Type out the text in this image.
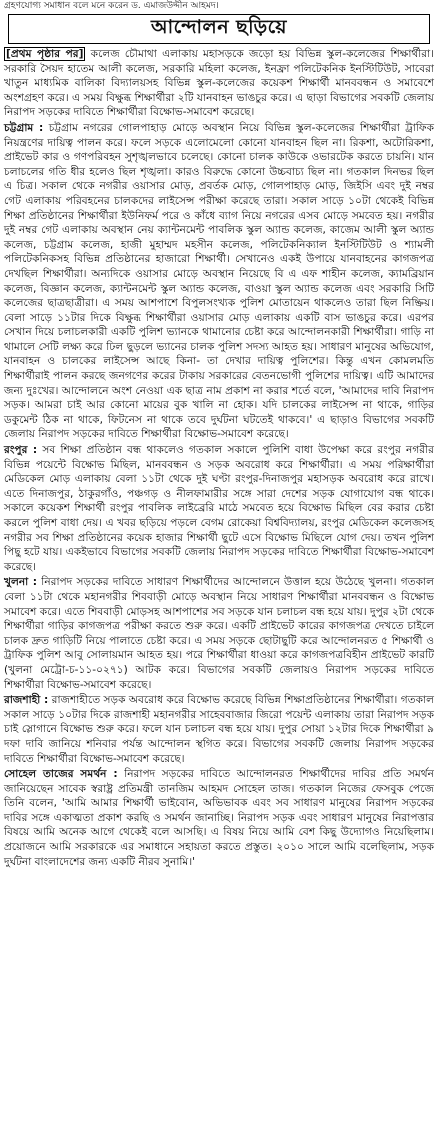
গ্রহণযোগ্য সমাধান বলে মনে করেন ড. এমাজউদ্দীন আহমদ।
আন্দোলন ছড়িয়ে

[প্রথম পৃষ্ঠার পর] কলেজ চৌমাথা এলাকায় মহাসড়কে জড়ো হয় বিভিন্ন স্কুল-কলেজের শিক্ষার্থীরা। সরকারি সৈয়দ হাতেম আলী কলেজ, সরকারি মহিলা কলেজ, ইনফ্রা পলিটেকনিক ইনস্টিটিউট, সাবেরা খাতুন মাধ্যমিক বালিকা বিদ্যালয়সহ বিভিন্ন স্কুল-কলেজের কয়েকশ শিক্ষার্থী মানববন্ধন ও সমাবেশে অংশগ্রহণ করে। এ সময় বিক্ষুব্ধ শিক্ষার্থীরা ২টি যানবাহন ভাঙচুর করে। এ ছাড়া বিভাগের সবকটি জেলায় নিরাপদ সড়কের দাবিতে শিক্ষার্থীরা বিক্ষোভ-সমাবেশ করেছে।

চট্টগ্রাম : চট্টগ্রাম নগরের গোলপাহাড় মোড়ে অবস্থান নিয়ে বিভিন্ন স্কুল-কলেজের শিক্ষার্থীরা ট্রাফিক নিয়ন্ত্রণের দায়িত্ব পালন করে। ফলে সড়কে এলোমেলো কোনো যানবাহন ছিল না। রিকশা, অটোরিকশা, প্রাইভেট কার ও গণপরিবহন সুশৃঙ্খলভাবে চলেছে। কোনো চালক কাউকে ওভারটেক করতে চায়নি। যান চলাচলের গতি ধীর হলেও ছিল শৃঙ্খলা। কারও বিরুদ্ধে কোনো উচ্চবাচ্য ছিল না। গতকাল দিনভর ছিল এ চিত্র। সকাল থেকে নগরীর ওয়াসার মোড়, প্রবর্তক মোড়, গোলপাহাড় মোড়, জিইসি এবং দুই নম্বর গেট এলাকায় পরিবহনের চালকদের লাইসেন্স পরীক্ষা করেছে তারা। সকাল সাড়ে ১০টা থেকেই বিভিন্ন শিক্ষা প্রতিষ্ঠানের শিক্ষার্থীরা ইউনিফর্ম পরে ও কাঁধে ব্যাগ নিয়ে নগরের এসব মোড়ে সমবেত হয়। নগরীর দুই নম্বর গেট এলাকায় অবস্থান নেয় ক্যান্টনমেন্ট পাবলিক স্কুল অ্যান্ড কলেজ, কাজেম আলী স্কুল অ্যান্ড কলেজ, চট্টগ্রাম কলেজ, হাজী মুহাম্মদ মহসীন কলেজ, পলিটেকনিক্যাল ইনস্টিটিউট ও শ্যামলী পলিটেকনিকসহ বিভিন্ন প্রতিষ্ঠানের হাজারো শিক্ষার্থী। সেখানেও একই উপায়ে যানবাহনের কাগজপত্র দেখছিল শিক্ষার্থীরা। অন্যদিকে ওয়াসার মোড়ে অবস্থান নিয়েছে বি এ এফ শাহীন কলেজ, ক্যামব্রিয়ান কলেজ, বিজ্ঞান কলেজ, ক্যান্টনমেন্ট স্কুল অ্যান্ড কলেজ, বাওয়া স্কুল অ্যান্ড কলেজ এবং সরকারি সিটি কলেজের ছাত্রছাত্রীরা। এ সময় আশপাশে বিপুলসংখ্যক পুলিশ মোতায়েন থাকলেও তারা ছিল নিষ্ক্রিয়। বেলা সাড়ে ১১টার দিকে বিক্ষুব্ধ শিক্ষার্থীরা ওয়াসার মোড় এলাকায় একটি বাস ভাঙচুর করে। এরপর সেখান দিয়ে চলাচলকারী একটি পুলিশ ভ্যানকে থামানোর চেষ্টা করে আন্দোলনকারী শিক্ষার্থীরা। গাড়ি না থামালে সেটি লক্ষ্য করে ঢিল ছুড়লে ভ্যানের চালক পুলিশ সদস্য আহত হয়। সাধারণ মানুষের অভিযোগ, যানবাহন ও চালকের লাইসেন্স আছে কিনা- তা দেখার দায়িত্ব পুলিশের। কিন্তু এখন কোমলমতি শিক্ষার্থীরাই পালন করছে জনগণের করের টাকায় সরকারের বেতনভোগী পুলিশের দায়িত্ব। এটি আমাদের জন্য দুঃখের। আন্দোলনে অংশ নেওয়া এক ছাত্র নাম প্রকাশ না করার শর্তে বলে, 'আমাদের দাবি নিরাপদ সড়ক। আমরা চাই আর কোনো মায়ের বুক খালি না হোক। যদি চালকের লাইসেন্স না থাকে, গাড়ির ডকুমেন্ট ঠিক না থাকে, ফিটনেস না থাকে তবে দুর্ঘটনা ঘটতেই থাকবে।' এ ছাড়াও বিভাগের সবকটি জেলায় নিরাপদ সড়কের দাবিতে শিক্ষার্থীরা বিক্ষোভ-সমাবেশ করেছে।

রংপুর : সব শিক্ষা প্রতিষ্ঠান বন্ধ থাকলেও গতকাল সকালে পুলিশি বাধা উপেক্ষা করে রংপুর নগরীর বিভিন্ন পয়েন্টে বিক্ষোভ মিছিল, মানববন্ধন ও সড়ক অবরোধ করে শিক্ষার্থীরা। এ সময় পরিক্ষার্থীরা মেডিকেল মোড় এলাকায় বেলা ১১টা থেকে দুই ঘণ্টা রংপুর-দিনাজপুর মহাসড়ক অবরোধ করে রাখে। এতে দিনাজপুর, ঠাকুরগাঁও, পঞ্চগড় ও নীলফামারীর সঙ্গে সারা দেশের সড়ক যোগাযোগ বন্ধ থাকে। সকালে কয়েকশ শিক্ষার্থী রংপুর পাবলিক লাইব্রেরি মাঠে সমবেত হয়ে বিক্ষোভ মিছিল বের করার চেষ্টা করলে পুলিশ বাধা দেয়। এ খবর ছড়িয়ে পড়লে বেগম রোকেয়া বিশ্ববিদ্যালয়, রংপুর মেডিকেল কলেজসহ নগরীর সব শিক্ষা প্রতিষ্ঠানের কয়েক হাজার শিক্ষার্থী ছুটে এসে বিক্ষোভ মিছিলে যোগ দেয়। তখন পুলিশ পিছু হটে যায়। একইভাবে বিভাগের সবকটি জেলায় নিরাপদ সড়কের দাবিতে শিক্ষার্থীরা বিক্ষোভ-সমাবেশ করেছে।

খুলনা : নিরাপদ সড়কের দাবিতে সাধারণ শিক্ষার্থীদের আন্দোলনে উত্তাল হয়ে উঠেছে খুলনা। গতকাল বেলা ১১টা থেকে মহানগরীর শিববাড়ী মোড়ে অবস্থান নিয়ে সাধারণ শিক্ষার্থীরা মানববন্ধন ও বিক্ষোভ সমাবেশ করে। এতে শিববাড়ী মোড়সহ আশপাশের সব সড়কে যান চলাচল বন্ধ হয়ে যায়। দুপুর ২টা থেকে শিক্ষার্থীরা গাড়ির কাগজপত্র পরীক্ষা করতে শুরু করে। একটি প্রাইভেট কারের কাগজপত্র দেখতে চাইলে চালক দ্রুত গাড়িটি নিয়ে পালাতে চেষ্টা করে। এ সময় সড়কে ছোটাছুটি করে আন্দোলনরত ৫ শিক্ষার্থী ও ট্রাফিক পুলিশ আবু সোলায়মান আহত হয়। পরে শিক্ষার্থীরা ধাওয়া করে কাগজপত্রবিহীন প্রাইভেট কারটি (খুলনা মেট্রো-চ-১১-০২৭১) আটক করে। বিভাগের সবকটি জেলায়ও নিরাপদ সড়কের দাবিতে শিক্ষার্থীরা বিক্ষোভ-সমাবেশ করেছে।

রাজশাহী : রাজশাহীতে সড়ক অবরোধ করে বিক্ষোভ করেছে বিভিন্ন শিক্ষাপ্রতিষ্ঠানের শিক্ষার্থীরা। গতকাল সকাল সাড়ে ১০টার দিকে রাজশাহী মহানগরীর সাহেববাজার জিরো পয়েন্ট এলাকায় তারা নিরাপদ সড়ক চাই স্লোগানে বিক্ষোভ শুরু করে। ফলে যান চলাচল বন্ধ হয়ে যায়। দুপুর সোয়া ১২টার দিকে শিক্ষার্থীরা ৯ দফা দাবি জানিয়ে শনিবার পর্যন্ত আন্দোলন স্থগিত করে। বিভাগের সবকটি জেলায় নিরাপদ সড়কের দাবিতে শিক্ষার্থীরা বিক্ষোভ-সমাবেশ করেছে।

সোহেল তাজের সমর্থন : নিরাপদ সড়কের দাবিতে আন্দোলনরত শিক্ষার্থীদের দাবির প্রতি সমর্থন জানিয়েছেন সাবেক স্বরাষ্ট্র প্রতিমন্ত্রী তানজিম আহমদ সোহেল তাজ। গতকাল নিজের ফেসবুক পেজে তিনি বলেন, 'আমি আমার শিক্ষার্থী ভাইবোন, অভিভাবক এবং সব সাধারণ মানুষের নিরাপদ সড়কের দাবির সঙ্গে একাত্মতা প্রকাশ করছি ও সমর্থন জানাচ্ছি। নিরাপদ সড়ক এবং সাধারণ মানুষের নিরাপত্তার বিষয়ে আমি অনেক আগে থেকেই বলে আসছি। এ বিষয় নিয়ে আমি বেশ কিছু উদ্যোগও নিয়েছিলাম। প্রয়োজনে আমি সরকারকে এর সমাধানে সহায়তা করতে প্রস্তুত। ২০১০ সালে আমি বলেছিলাম, সড়ক দুর্ঘটনা বাংলাদেশের জন্য একটি নীরব সুনামি।'
